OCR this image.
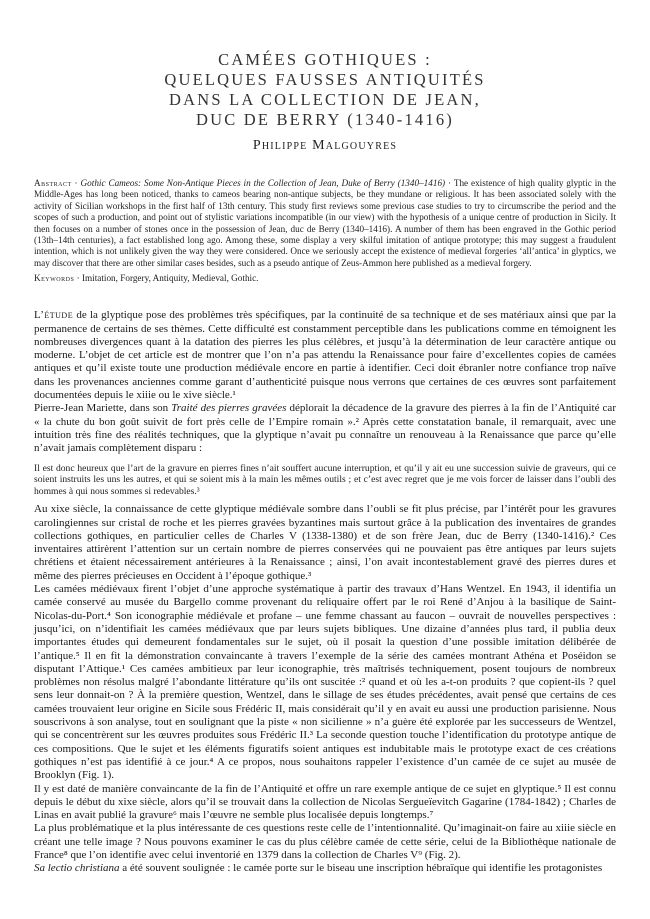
CAMÉES GOTHIQUES :
QUELQUES FAUSSES ANTIQUITÉS
DANS LA COLLECTION DE JEAN,
DUC DE BERRY (1340-1416)
Philippe Malgouyres
Abstract · Gothic Cameos: Some Non-Antique Pieces in the Collection of Jean, Duke of Berry (1340–1416) · The existence of high quality glyptic in the Middle-Ages has long been noticed, thanks to cameos bearing non-antique subjects, be they mundane or religious. It has been associated solely with the activity of Sicilian workshops in the first half of 13th century. This study first reviews some previous case studies to try to circumscribe the period and the scopes of such a production, and point out of stylistic variations incompatible (in our view) with the hypothesis of a unique centre of production in Sicily. It then focuses on a number of stones once in the possession of Jean, duc de Berry (1340–1416). A number of them has been engraved in the Gothic period (13th–14th centuries), a fact established long ago. Among these, some display a very skilful imitation of antique prototype; this may suggest a fraudulent intention, which is not unlikely given the way they were considered. Once we seriously accept the existence of medieval forgeries ‘all’antica’ in glyptics, we may discover that there are other similar cases besides, such as a pseudo antique of Zeus-Ammon here published as a medieval forgery.
Keywords · Imitation, Forgery, Antiquity, Medieval, Gothic.

L’étude de la glyptique pose des problèmes très spécifiques, par la continuité de sa technique et de ses matériaux ainsi que par la permanence de certains de ses thèmes. Cette difficulté est constamment perceptible dans les publications comme en témoignent les nombreuses divergences quant à la datation des pierres les plus célèbres, et jusqu’à la détermination de leur caractère antique ou moderne. L’objet de cet article est de montrer que l’on n’a pas attendu la Renaissance pour faire d’excellentes copies de camées antiques et qu’il existe toute une production médiévale encore en partie à identifier. Ceci doit ébranler notre confiance trop naïve dans les provenances anciennes comme garant d’authenticité puisque nous verrons que certaines de ces œuvres sont parfaitement documentées depuis le xiiie ou le xive siècle.¹

Pierre-Jean Mariette, dans son Traité des pierres gravées déplorait la décadence de la gravure des pierres à la fin de l’Antiquité car « la chute du bon goût suivit de fort près celle de l’Empire romain ».² Après cette constatation banale, il remarquait, avec une intuition très fine des réalités techniques, que la glyptique n’avait pu connaître un renouveau à la Renaissance que parce qu’elle n’avait jamais complètement disparu :

Il est donc heureux que l’art de la gravure en pierres fines n’ait souffert aucune interruption, et qu’il y ait eu une succession suivie de graveurs, qui ce soient instruits les uns les autres, et qui se soient mis à la main les mêmes outils ; et c’est avec regret que je me vois forcer de laisser dans l’oubli des hommes à qui nous sommes si redevables.³

Au xixe siècle, la connaissance de cette glyptique médiévale sombre dans l’oubli se fit plus précise, par l’intérêt pour les gravures carolingiennes sur cristal de roche et les pierres gravées byzantines mais surtout grâce à la publication des inventaires de grandes collections gothiques, en particulier celles de Charles V (1338-1380) et de son frère Jean, duc de Berry (1340-1416).² Ces inventaires attirèrent l’attention sur un certain nombre de pierres conservées qui ne pouvaient pas être antiques par leurs sujets chrétiens et étaient nécessairement antérieures à la Renaissance ; ainsi, l’on avait incontestablement gravé des pierres dures et même des pierres précieuses en Occident à l’époque gothique.³

Les camées médiévaux firent l’objet d’une approche systématique à partir des travaux d’Hans Wentzel. En 1943, il identifia un camée conservé au musée du Bargello comme provenant du reliquaire offert par le roi René d’Anjou à la basilique de Saint-Nicolas-du-Port.⁴ Son iconographie médiévale et profane – une femme chassant au faucon – ouvrait de nouvelles perspectives : jusqu’ici, on n’identifiait les camées médiévaux que par leurs sujets bibliques. Une dizaine d’années plus tard, il publia deux importantes études qui demeurent fondamentales sur le sujet, où il posait la question d’une possible imitation délibérée de l’antique.⁵ Il en fit la démonstration convaincante à travers l’exemple de la série des camées montrant Athéna et Poséidon se disputant l’Attique.¹ Ces camées ambitieux par leur iconographie, très maîtrisés techniquement, posent toujours de nombreux problèmes non résolus malgré l’abondante littérature qu’ils ont suscitée :² quand et où les a-t-on produits ? que copient-ils ? quel sens leur donnait-on ? À la première question, Wentzel, dans le sillage de ses études précédentes, avait pensé que certains de ces camées trouvaient leur origine en Sicile sous Frédéric II, mais considérait qu’il y en avait eu aussi une production parisienne. Nous souscrivons à son analyse, tout en soulignant que la piste « non sicilienne » n’a guère été explorée par les successeurs de Wentzel, qui se concentrèrent sur les œuvres produites sous Frédéric II.³ La seconde question touche l’identification du prototype antique de ces compositions. Que le sujet et les éléments figuratifs soient antiques est indubitable mais le prototype exact de ces créations gothiques n’est pas identifié à ce jour.⁴ A ce propos, nous souhaitons rappeler l’existence d’un camée de ce sujet au musée de Brooklyn (Fig. 1).

Il y est daté de manière convaincante de la fin de l’Antiquité et offre un rare exemple antique de ce sujet en glyptique.⁵ Il est connu depuis le début du xixe siècle, alors qu’il se trouvait dans la collection de Nicolas Sergueïevitch Gagarine (1784-1842) ; Charles de Linas en avait publié la gravure⁶ mais l’œuvre ne semble plus localisée depuis longtemps.⁷

La plus problématique et la plus intéressante de ces questions reste celle de l’intentionnalité. Qu’imaginait-on faire au xiiie siècle en créant une telle image ? Nous pouvons examiner le cas du plus célèbre camée de cette série, celui de la Bibliothèque nationale de France⁸ que l’on identifie avec celui inventorié en 1379 dans la collection de Charles V⁹ (Fig. 2).

Sa lectio christiana a été souvent soulignée : le camée porte sur le biseau une inscription hébraïque qui identifie les protagonistes
